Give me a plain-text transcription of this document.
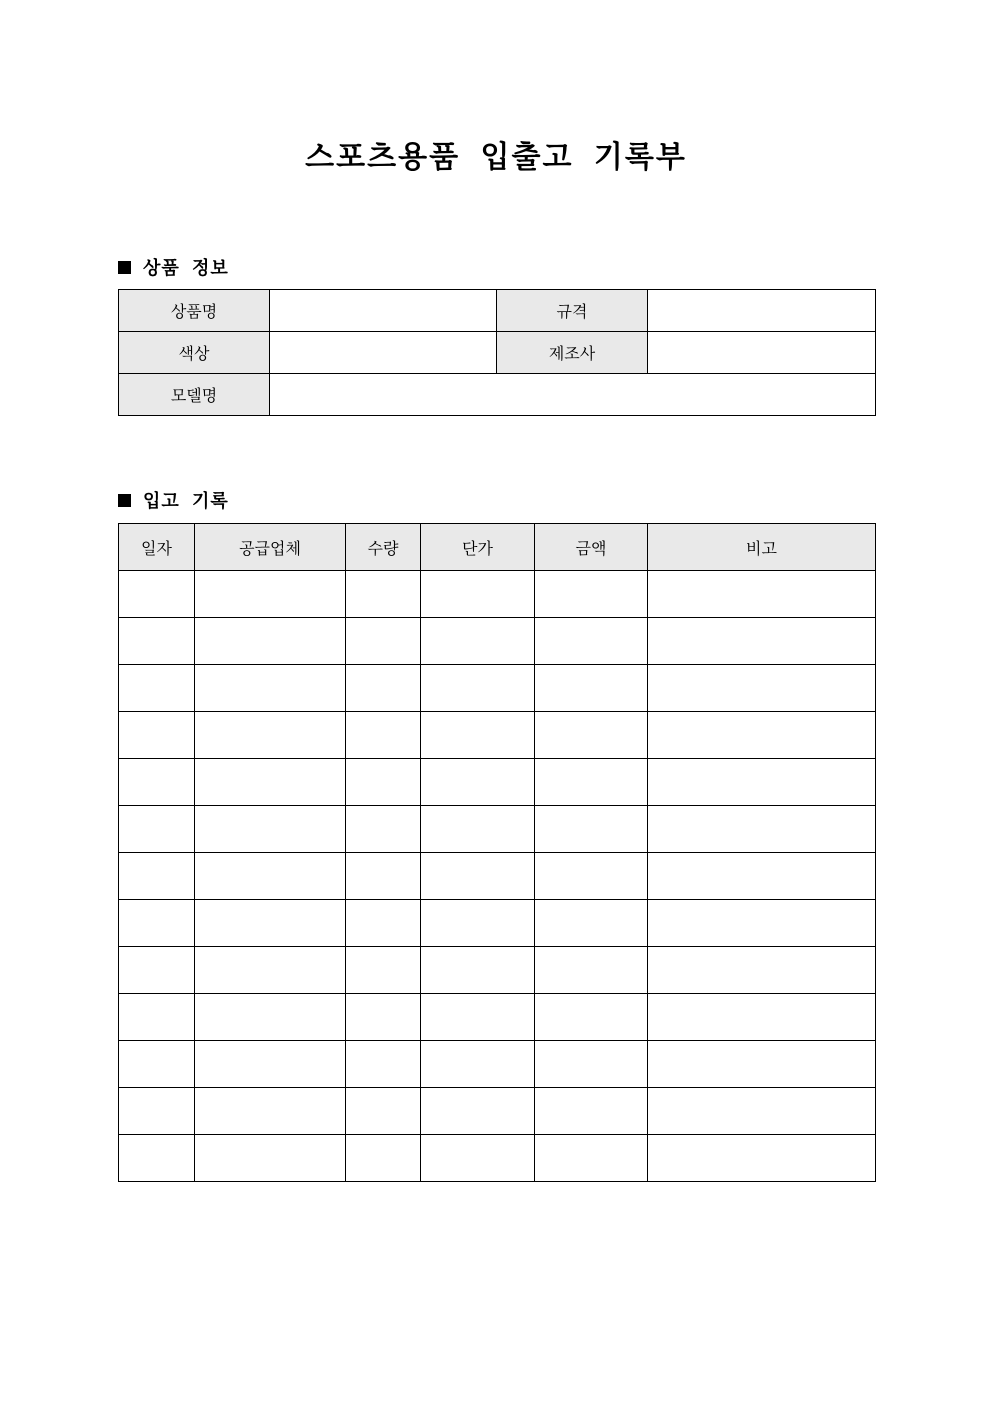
스포츠용품 입출고 기록부
상품 정보
상품명		규격	
색상		제조사	
모델명			
입고 기록
일자	공급업체	수량	단가	금액	비고
